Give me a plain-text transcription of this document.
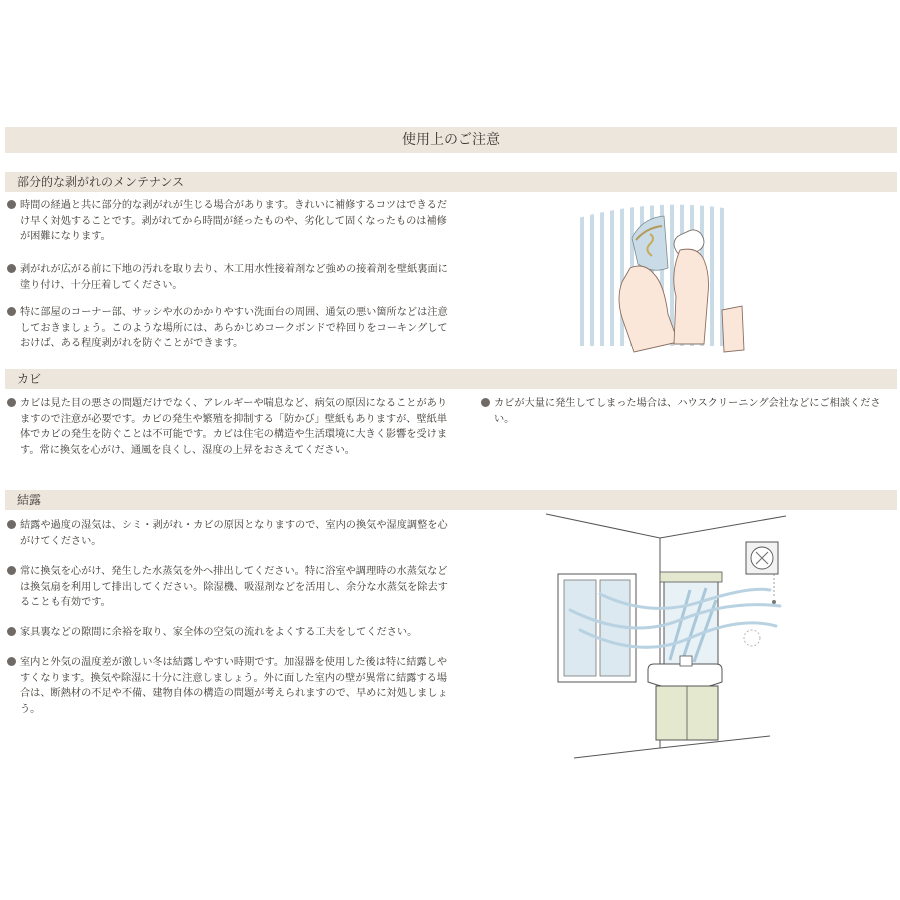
使用上のご注意
部分的な剥がれのメンテナンス
時間の経過と共に部分的な剥がれが生じる場合があります。きれいに補修するコツはできるだけ早く対処することです。剥がれてから時間が経ったものや、劣化して固くなったものは補修が困難になります。
剥がれが広がる前に下地の汚れを取り去り、木工用水性接着剤など強めの接着剤を壁紙裏面に塗り付け、十分圧着してください。
特に部屋のコーナー部、サッシや水のかかりやすい洗面台の周囲、通気の悪い箇所などは注意しておきましょう。このような場所には、あらかじめコークボンドで枠回りをコーキングしておけば、ある程度剥がれを防ぐことができます。
カビ
カビは見た目の悪さの問題だけでなく、アレルギーや喘息など、病気の原因になることがありますので注意が必要です。カビの発生や繁殖を抑制する「防かび」壁紙もありますが、壁紙単体でカビの発生を防ぐことは不可能です。カビは住宅の構造や生活環境に大きく影響を受けます。常に換気を心がけ、通風を良くし、湿度の上昇をおさえてください。
カビが大量に発生してしまった場合は、ハウスクリーニング会社などにご相談ください。
結露
結露や過度の湿気は、シミ・剥がれ・カビの原因となりますので、室内の換気や湿度調整を心がけてください。
常に換気を心がけ、発生した水蒸気を外へ排出してください。特に浴室や調理時の水蒸気などは換気扇を利用して排出してください。除湿機、吸湿剤などを活用し、余分な水蒸気を除去することも有効です。
家具裏などの隙間に余裕を取り、家全体の空気の流れをよくする工夫をしてください。
室内と外気の温度差が激しい冬は結露しやすい時期です。加湿器を使用した後は特に結露しやすくなります。換気や除湿に十分に注意しましょう。外に面した室内の壁が異常に結露する場合は、断熱材の不足や不備、建物自体の構造の問題が考えられますので、早めに対処しましょう。
